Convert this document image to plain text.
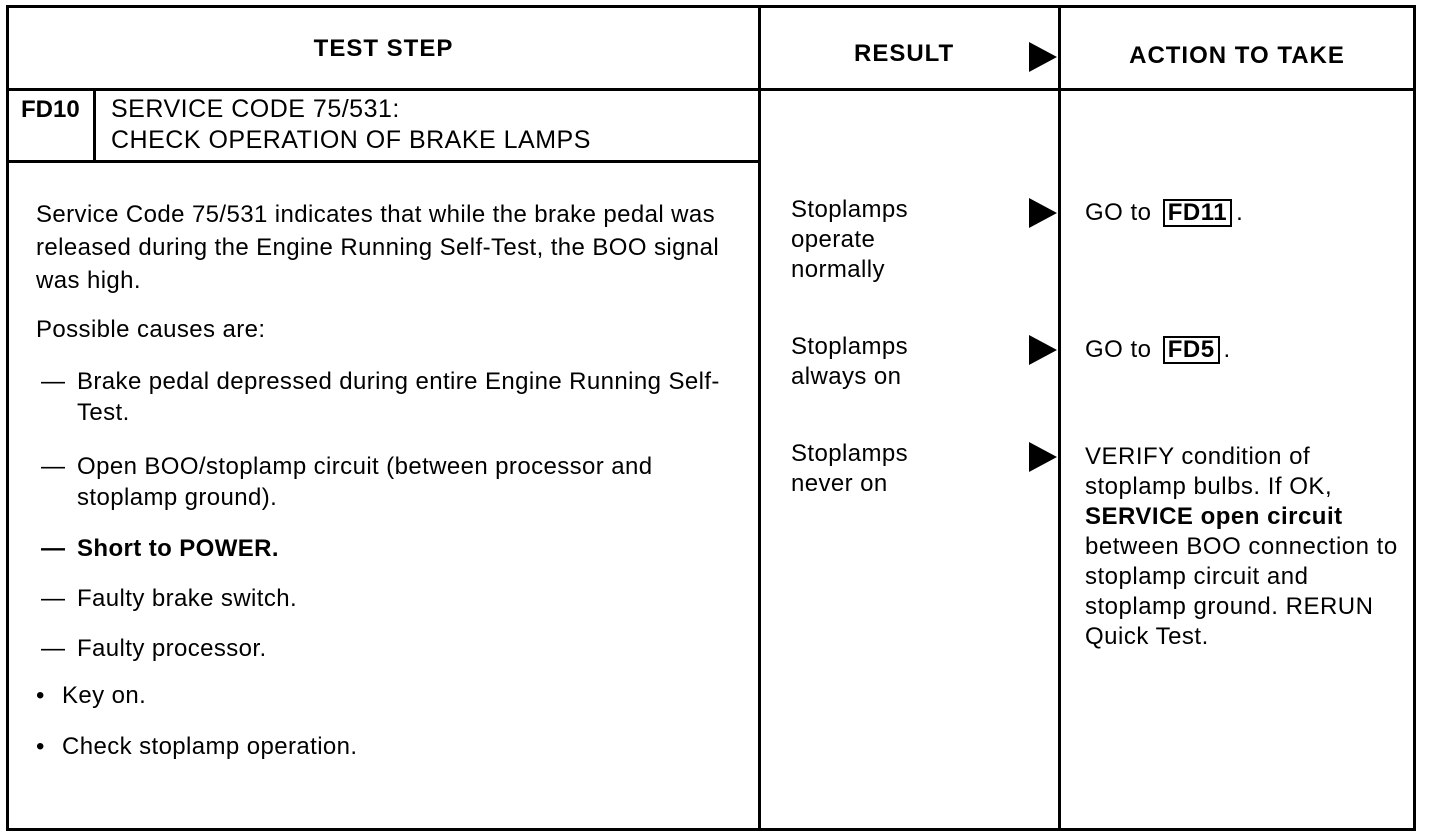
TEST STEP	RESULT	ACTION TO TAKE
FD10 SERVICE CODE 75/531:
CHECK OPERATION OF BRAKE LAMPS
Service Code 75/531 indicates that while the brake pedal was released during the Engine Running Self-Test, the BOO signal was high.
Possible causes are:
— Brake pedal depressed during entire Engine Running Self-Test.
— Open BOO/stoplamp circuit (between processor and stoplamp ground).
— Short to POWER.
— Faulty brake switch.
— Faulty processor.
• Key on.
• Check stoplamp operation.
Stoplamps
operate
normally
GO to FD11 .
Stoplamps
always on
GO to FD5 .
Stoplamps
never on
VERIFY condition of stoplamp bulbs. If OK, SERVICE open circuit between BOO connection to stoplamp circuit and stoplamp ground. RERUN Quick Test.
